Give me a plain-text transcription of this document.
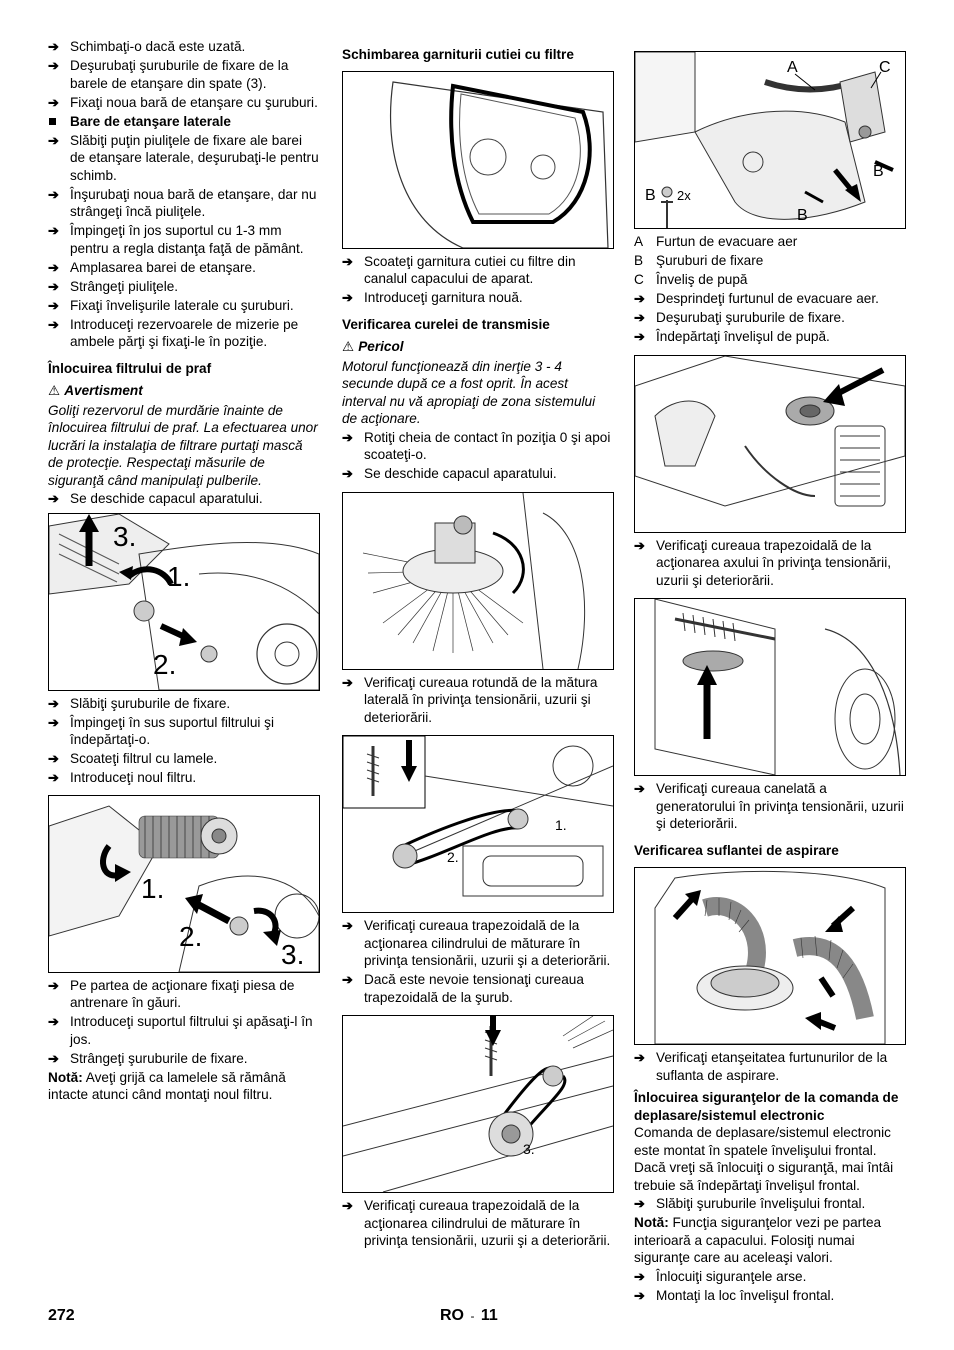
➔ Schimbaţi-o dacă este uzată.
➔ Deşurubaţi şuruburile de fixare de la barele de etanşare din spate (3).
➔ Fixaţi noua bară de etanşare cu şuruburi.
Bare de etanşare laterale
➔ Slăbiţi puţin piuliţele de fixare ale barei de etanşare laterale, deşurubaţi-le pentru schimb.
➔ Înşurubaţi noua bară de etanşare, dar nu strângeţi încă piuliţele.
➔ Împingeţi în jos suportul cu 1-3 mm pentru a regla distanţa faţă de pământ.
➔ Amplasarea barei de etanşare.
➔ Strângeţi piuliţele.
➔ Fixaţi învelişurile laterale cu şuruburi.
➔ Introduceţi rezervoarele de mizerie pe ambele părţi şi fixaţi-le în poziţie.
Înlocuirea filtrului de praf
⚠ Avertisment
Goliţi rezervorul de murdărie înainte de înlocuirea filtrului de praf. La efectuarea unor lucrări la instalaţia de filtrare purtaţi mască de protecţie. Respectaţi măsurile de siguranţă când manipulaţi pulberile.
➔ Se deschide capacul aparatului.
3.
1.
2.
➔ Slăbiţi şuruburile de fixare.
➔ Împingeţi în sus suportul filtrului şi îndepărtaţi-o.
➔ Scoateţi filtrul cu lamele.
➔ Introduceţi noul filtru.
1.
2.
3.
➔ Pe partea de acţionare fixaţi piesa de antrenare în găuri.
➔ Introduceţi suportul filtrului şi apăsaţi-l în jos.
➔ Strângeţi şuruburile de fixare.
Notă: Aveţi grijă ca lamelele să rămână intacte atunci când montaţi noul filtru.
Schimbarea garniturii cutiei cu filtre
➔ Scoateţi garnitura cutiei cu filtre din canalul capacului de aparat.
➔ Introduceţi garnitura nouă.
Verificarea curelei de transmisie
⚠ Pericol
Motorul funcţionează din inerţie 3 - 4 secunde după ce a fost oprit. În acest interval nu vă apropiaţi de zona sistemului de acţionare.
➔ Rotiţi cheia de contact în poziţia 0 şi apoi scoateţi-o.
➔ Se deschide capacul aparatului.
➔ Verificaţi cureaua rotundă de la mătura laterală în privinţa tensionării, uzurii şi deteriorării.
1.
2.
➔ Verificaţi cureaua trapezoidală de la acţionarea cilindrului de măturare în privinţa tensionării, uzurii şi a deteriorării.
➔ Dacă este nevoie tensionaţi cureaua trapezoidală de la şurub.
3.
➔ Verificaţi cureaua trapezoidală de la acţionarea cilindrului de măturare în privinţa tensionării, uzurii şi a deteriorării.
A	C
B
2x
B
B
A Furtun de evacuare aer
B Şuruburi de fixare
C Înveliş de pupă
➔ Desprindeţi furtunul de evacuare aer.
➔ Deşurubaţi şuruburile de fixare.
➔ Îndepărtaţi învelişul de pupă.
➔ Verificaţi cureaua trapezoidală de la acţionarea axului în privinţa tensionării, uzurii şi deteriorării.
➔ Verificaţi cureaua canelată a generatorului în privinţa tensionării, uzurii şi deteriorării.
Verificarea suflantei de aspirare
➔ Verificaţi etanşeitatea furtunurilor de la suflanta de aspirare.
Înlocuirea siguranţelor de la comanda de deplasare/sistemul electronic
Comanda de deplasare/sistemul electronic este montat în spatele învelişului frontal. Dacă vreţi să înlocuiţi o siguranţă, mai întâi trebuie să îndepărtaţi învelişul frontal.
➔ Slăbiţi şuruburile învelişului frontal.
Notă: Funcţia siguranţelor vezi pe partea interioară a capacului. Folosiţi numai siguranţe care au aceleaşi valori.
➔ Înlocuiţi siguranţele arse.
➔ Montaţi la loc învelişul frontal.
272	RO - 11
